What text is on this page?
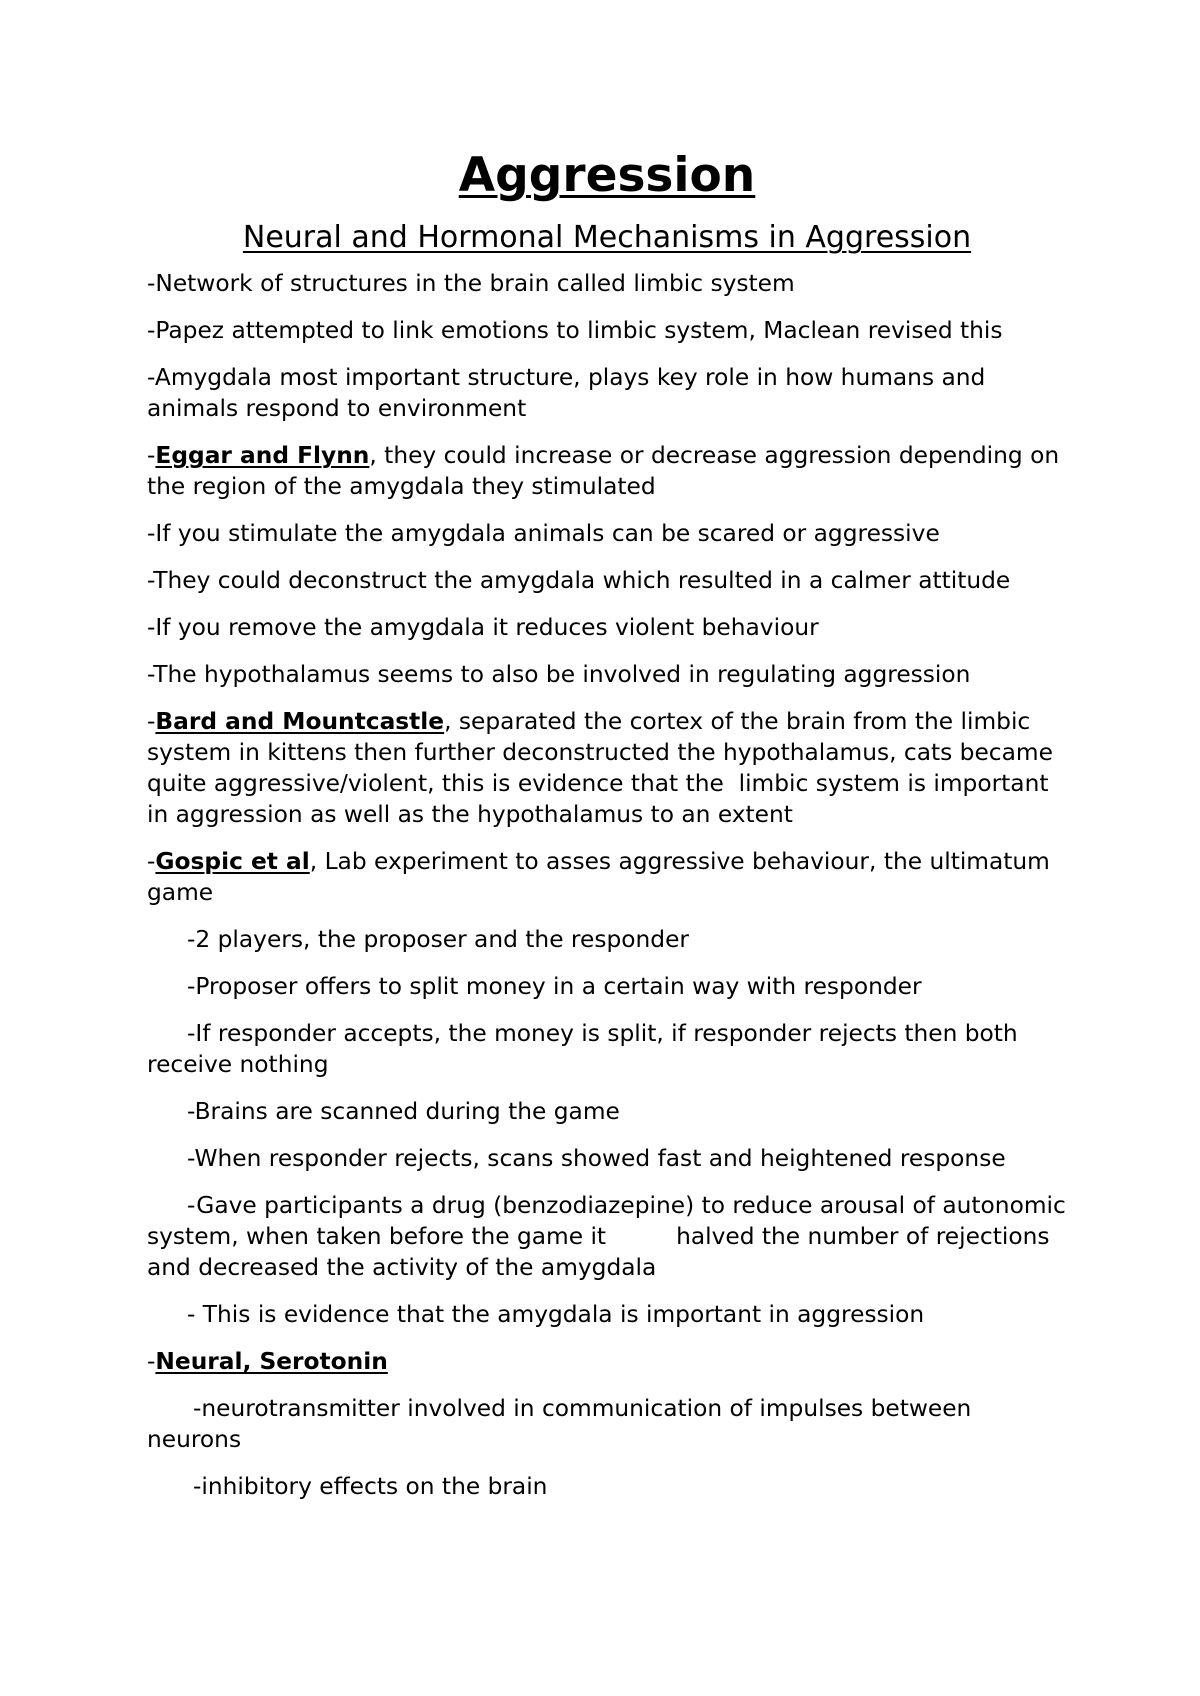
Aggression
Neural and Hormonal Mechanisms in Aggression

-Network of structures in the brain called limbic system

-Papez attempted to link emotions to limbic system, Maclean revised this

-Amygdala most important structure, plays key role in how humans and animals respond to environment

-Eggar and Flynn, they could increase or decrease aggression depending on the region of the amygdala they stimulated

-If you stimulate the amygdala animals can be scared or aggressive

-They could deconstruct the amygdala which resulted in a calmer attitude

-If you remove the amygdala it reduces violent behaviour

-The hypothalamus seems to also be involved in regulating aggression

-Bard and Mountcastle, separated the cortex of the brain from the limbic system in kittens then further deconstructed the hypothalamus, cats became  quite aggressive/violent, this is evidence that the  limbic system is important in aggression as well as the hypothalamus to an extent

-Gospic et al, Lab experiment to asses aggressive behaviour, the ultimatum game

-2 players, the proposer and the responder

-Proposer offers to split money in a certain way with responder

-If responder accepts, the money is split, if responder rejects then both receive nothing

-Brains are scanned during the game

-When responder rejects, scans showed fast and heightened response

-Gave participants a drug (benzodiazepine) to reduce arousal of autonomic system, when taken before the game it	halved the number of rejections and decreased the activity of the amygdala

- This is evidence that the amygdala is important in aggression

-Neural, Serotonin

-neurotransmitter involved in communication of impulses between neurons

-inhibitory effects on the brain
